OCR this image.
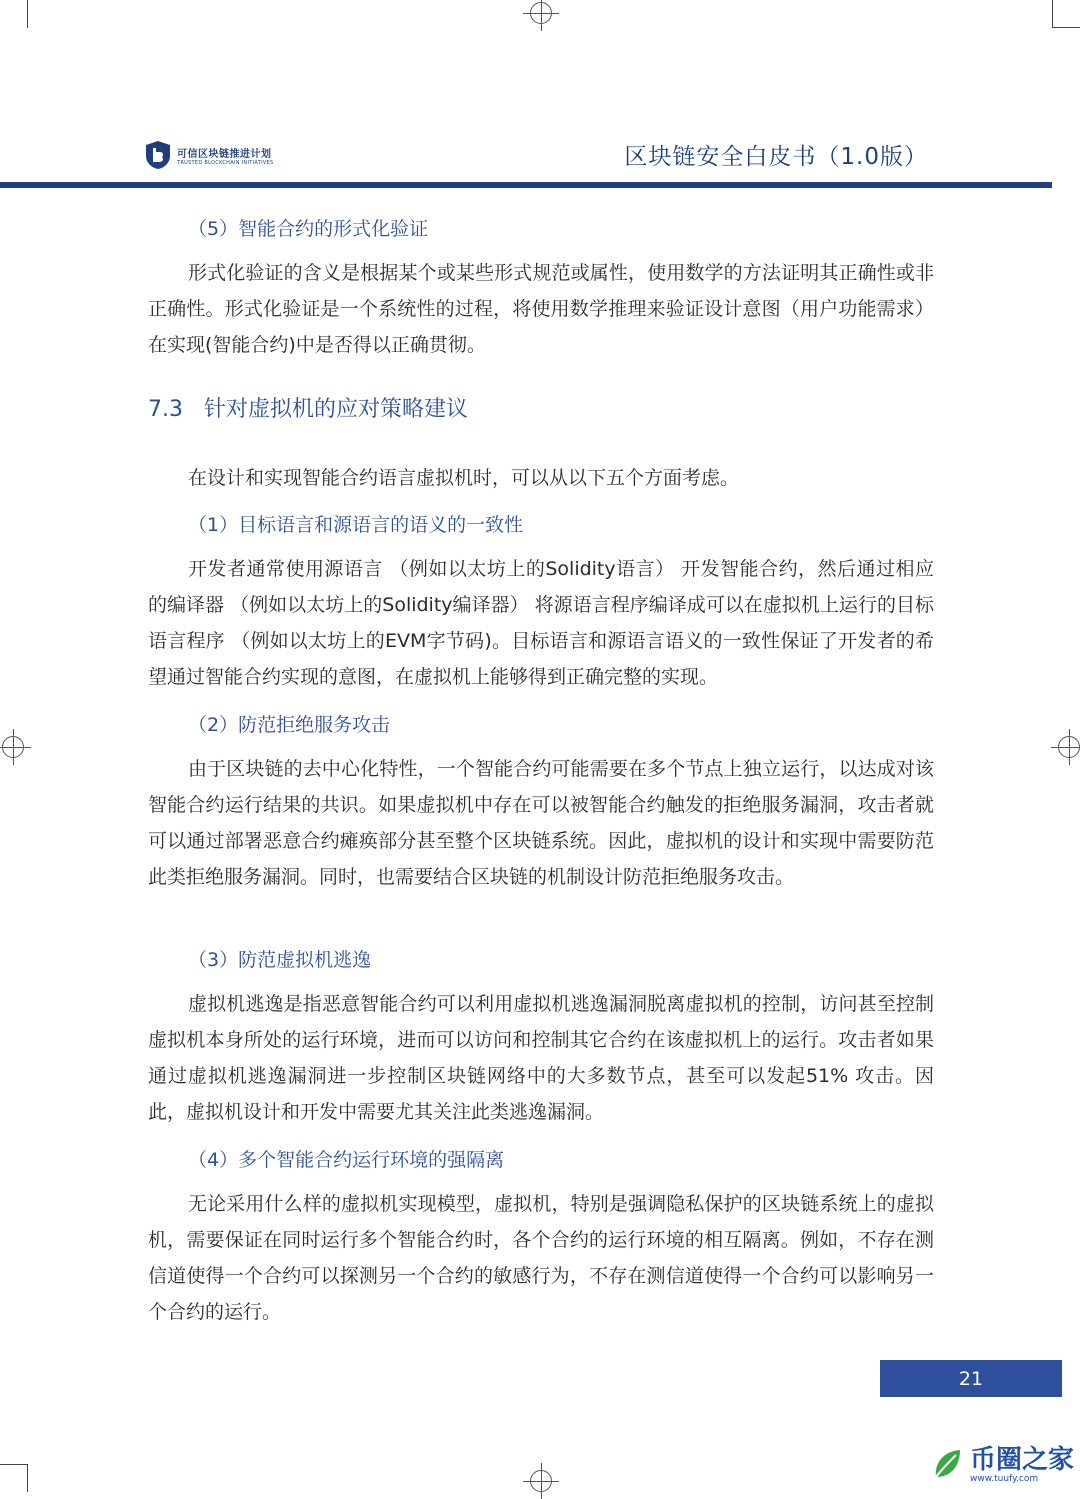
可信区块链推进计划
TRUSTED BLOCKCHAIN INITIATIVES	区块链安全白皮书（1.0版）

（5）智能合约的形式化验证

形式化验证的含义是根据某个或某些形式规范或属性，使用数学的方法证明其正确性或非正确性。形式化验证是一个系统性的过程，将使用数学推理来验证设计意图（用户功能需求）在实现(智能合约)中是否得以正确贯彻。

7.3 针对虚拟机的应对策略建议

在设计和实现智能合约语言虚拟机时，可以从以下五个方面考虑。

（1）目标语言和源语言的语义的一致性

开发者通常使用源语言 （例如以太坊上的Solidity语言） 开发智能合约，然后通过相应的编译器 （例如以太坊上的Solidity编译器） 将源语言程序编译成可以在虚拟机上运行的目标语言程序 （例如以太坊上的EVM字节码)。目标语言和源语言语义的一致性保证了开发者的希望通过智能合约实现的意图，在虚拟机上能够得到正确完整的实现。

（2）防范拒绝服务攻击

由于区块链的去中心化特性，一个智能合约可能需要在多个节点上独立运行，以达成对该智能合约运行结果的共识。如果虚拟机中存在可以被智能合约触发的拒绝服务漏洞，攻击者就可以通过部署恶意合约瘫痪部分甚至整个区块链系统。因此，虚拟机的设计和实现中需要防范此类拒绝服务漏洞。同时，也需要结合区块链的机制设计防范拒绝服务攻击。

（3）防范虚拟机逃逸

虚拟机逃逸是指恶意智能合约可以利用虚拟机逃逸漏洞脱离虚拟机的控制，访问甚至控制虚拟机本身所处的运行环境，进而可以访问和控制其它合约在该虚拟机上的运行。攻击者如果通过虚拟机逃逸漏洞进一步控制区块链网络中的大多数节点，甚至可以发起51% 攻击。因此，虚拟机设计和开发中需要尤其关注此类逃逸漏洞。

（4）多个智能合约运行环境的强隔离

无论采用什么样的虚拟机实现模型，虚拟机，特别是强调隐私保护的区块链系统上的虚拟机，需要保证在同时运行多个智能合约时，各个合约的运行环境的相互隔离。例如，不存在测信道使得一个合约可以探测另一个合约的敏感行为，不存在测信道使得一个合约可以影响另一个合约的运行。

21
币圈之家
www.tuufy.com
